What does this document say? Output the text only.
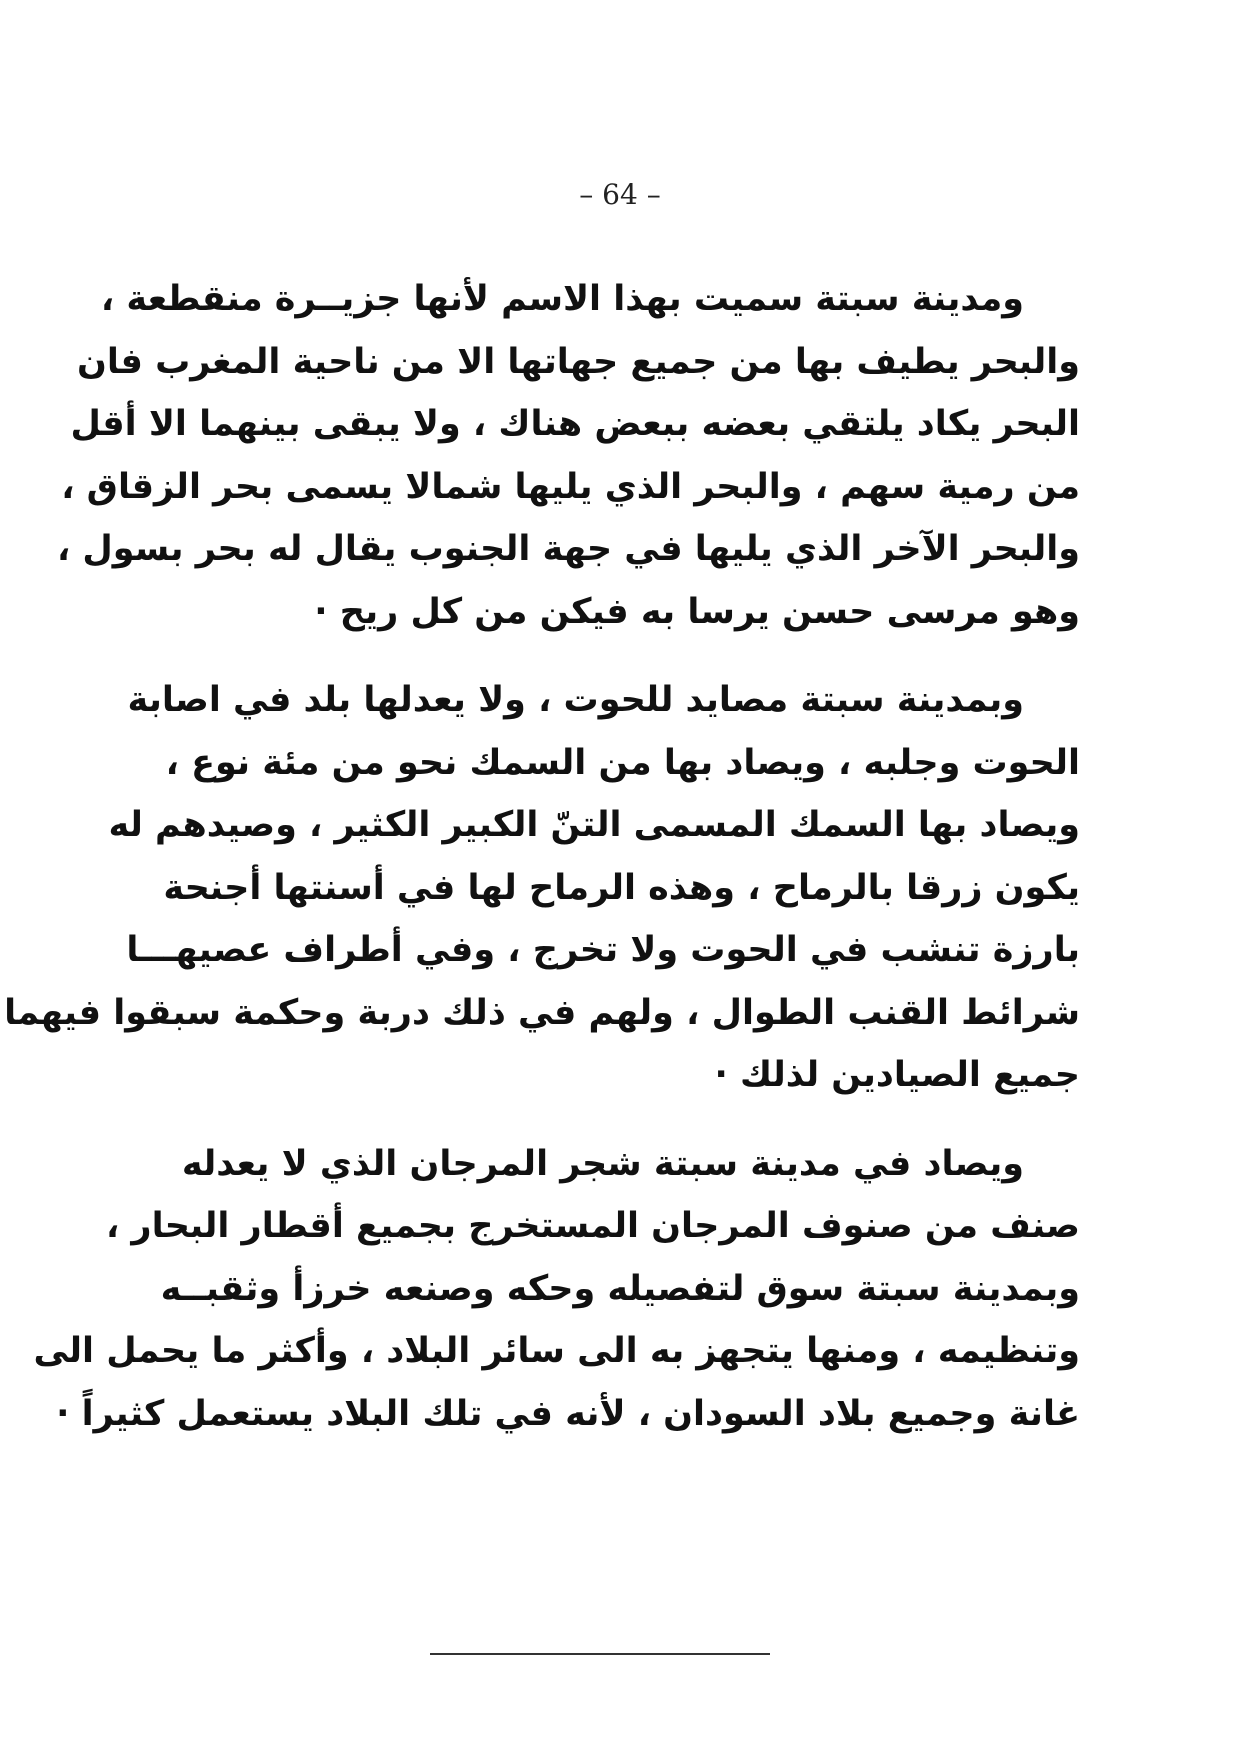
– 64 –
ومدينة سبتة سميت بهذا الاسم لأنها جزيــرة منقطعة ،
والبحر يطيف بها من جميع جهاتها الا من ناحية المغرب فان
البحر يكاد يلتقي بعضه ببعض هناك ، ولا يبقى بينهما الا أقل
من رمية سهم ، والبحر الذي يليها شمالا يسمى بحر الزقاق ،
والبحر الآخر الذي يليها في جهة الجنوب يقال له بحر بسول ،
وهو مرسى حسن يرسا به فيكن من كل ريح ·
وبمدينة سبتة مصايد للحوت ، ولا يعدلها بلد في اصابة
الحوت وجلبه ، ويصاد بها من السمك نحو من مئة نوع ،
ويصاد بها السمك المسمى التنّ الكبير الكثير ، وصيدهم له
يكون زرقا بالرماح ، وهذه الرماح لها في أسنتها أجنحة
بارزة تنشب في الحوت ولا تخرج ، وفي أطراف عصيهـــا
شرائط القنب الطوال ، ولهم في ذلك دربة وحكمة سبقوا فيهما
جميع الصيادين لذلك ·
ويصاد في مدينة سبتة شجر المرجان الذي لا يعدله
صنف من صنوف المرجان المستخرج بجميع أقطار البحار ،
وبمدينة سبتة سوق لتفصيله وحكه وصنعه خرزأ وثقبــه
وتنظيمه ، ومنها يتجهز به الى سائر البلاد ، وأكثر ما يحمل الى
غانة وجميع بلاد السودان ، لأنه في تلك البلاد يستعمل كثيراً ·
